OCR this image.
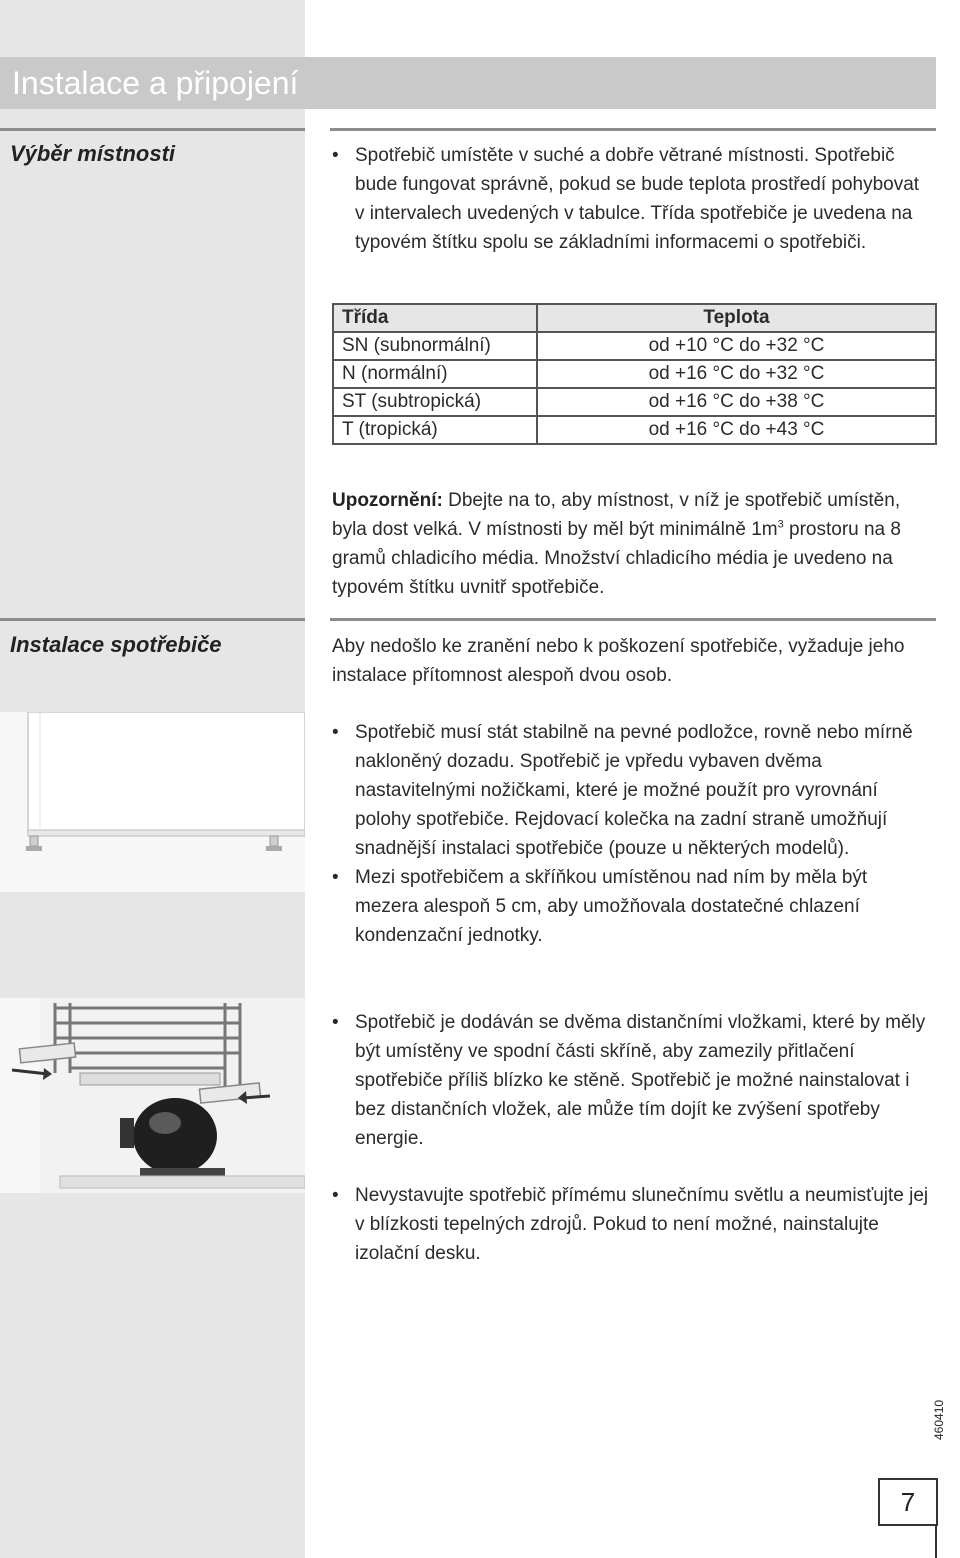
Instalace a připojení
Výběr místnosti	• Spotřebič umístěte v suché a dobře větrané místnosti. Spotřebič bude fungovat správně, pokud se bude teplota prostředí pohybovat v intervalech uvedených v tabulce. Třída spotřebiče je uvedena na typovém štítku spolu se základními informacemi o spotřebiči.
Třída	Teplota
SN (subnormální)	od +10 °C do +32 °C
N (normální)	od +16 °C do +32 °C
ST (subtropická)	od +16 °C do +38 °C
T (tropická)	od +16 °C do +43 °C

Upozornění: Dbejte na to, aby místnost, v níž je spotřebič umístěn, byla dost velká. V místnosti by měl být minimálně $1m^3$ prostoru na 8 gramů chladicího média. Množství chladicího média je uvedeno na typovém štítku uvnitř spotřebiče.

Instalace spotřebiče	Aby nedošlo ke zranění nebo k poškození spotřebiče, vyžaduje jeho instalace přítomnost alespoň dvou osob.

• Spotřebič musí stát stabilně na pevné podložce, rovně nebo mírně nakloněný dozadu. Spotřebič je vpředu vybaven dvěma nastavitelnými nožičkami, které je možné použít pro vyrovnání polohy spotřebiče. Rejdovací kolečka na zadní straně umožňují snadnější instalaci spotřebiče (pouze u některých modelů).
• Mezi spotřebičem a skříňkou umístěnou nad ním by měla být mezera alespoň 5 cm, aby umožňovala dostatečné chlazení kondenzační jednotky.
• Spotřebič je dodáván se dvěma distančními vložkami, které by měly být umístěny ve spodní části skříně, aby zamezily přitlačení spotřebiče příliš blízko ke stěně. Spotřebič je možné nainstalovat i bez distančních vložek, ale může tím dojít ke zvýšení spotřeby energie.
• Nevystavujte spotřebič přímému slunečnímu světlu a neumisťujte jej v blízkosti tepelných zdrojů. Pokud to není možné, nainstalujte izolační desku.
460410
7
